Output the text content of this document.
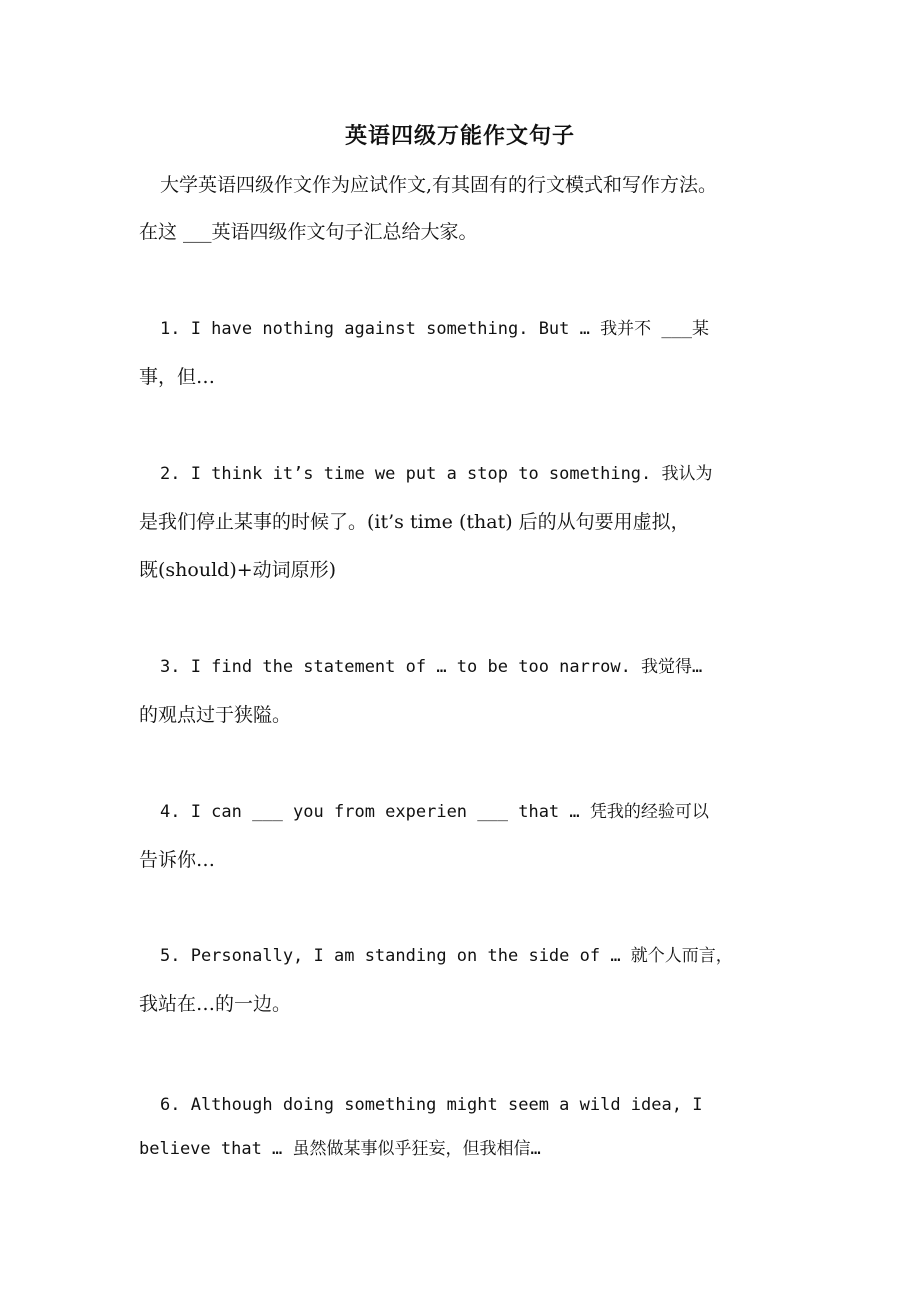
英语四级万能作文句子
大学英语四级作文作为应试作文,有其固有的行文模式和写作方法。
在这 ___英语四级作文句子汇总给大家。
1. I have nothing against something. But … 我并不 ___某
事，但…
2. I think it’s time we put a stop to something. 我认为
是我们停止某事的时候了。(it’s time (that) 后的从句要用虚拟，
既(should)+动词原形)
3. I find the statement of … to be too narrow. 我觉得…
的观点过于狭隘。
4. I can ___ you from experien ___ that … 凭我的经验可以
告诉你…
5. Personally, I am standing on the side of … 就个人而言，
我站在…的一边。
6. Although doing something might seem a wild idea, I
believe that … 虽然做某事似乎狂妄，但我相信…
